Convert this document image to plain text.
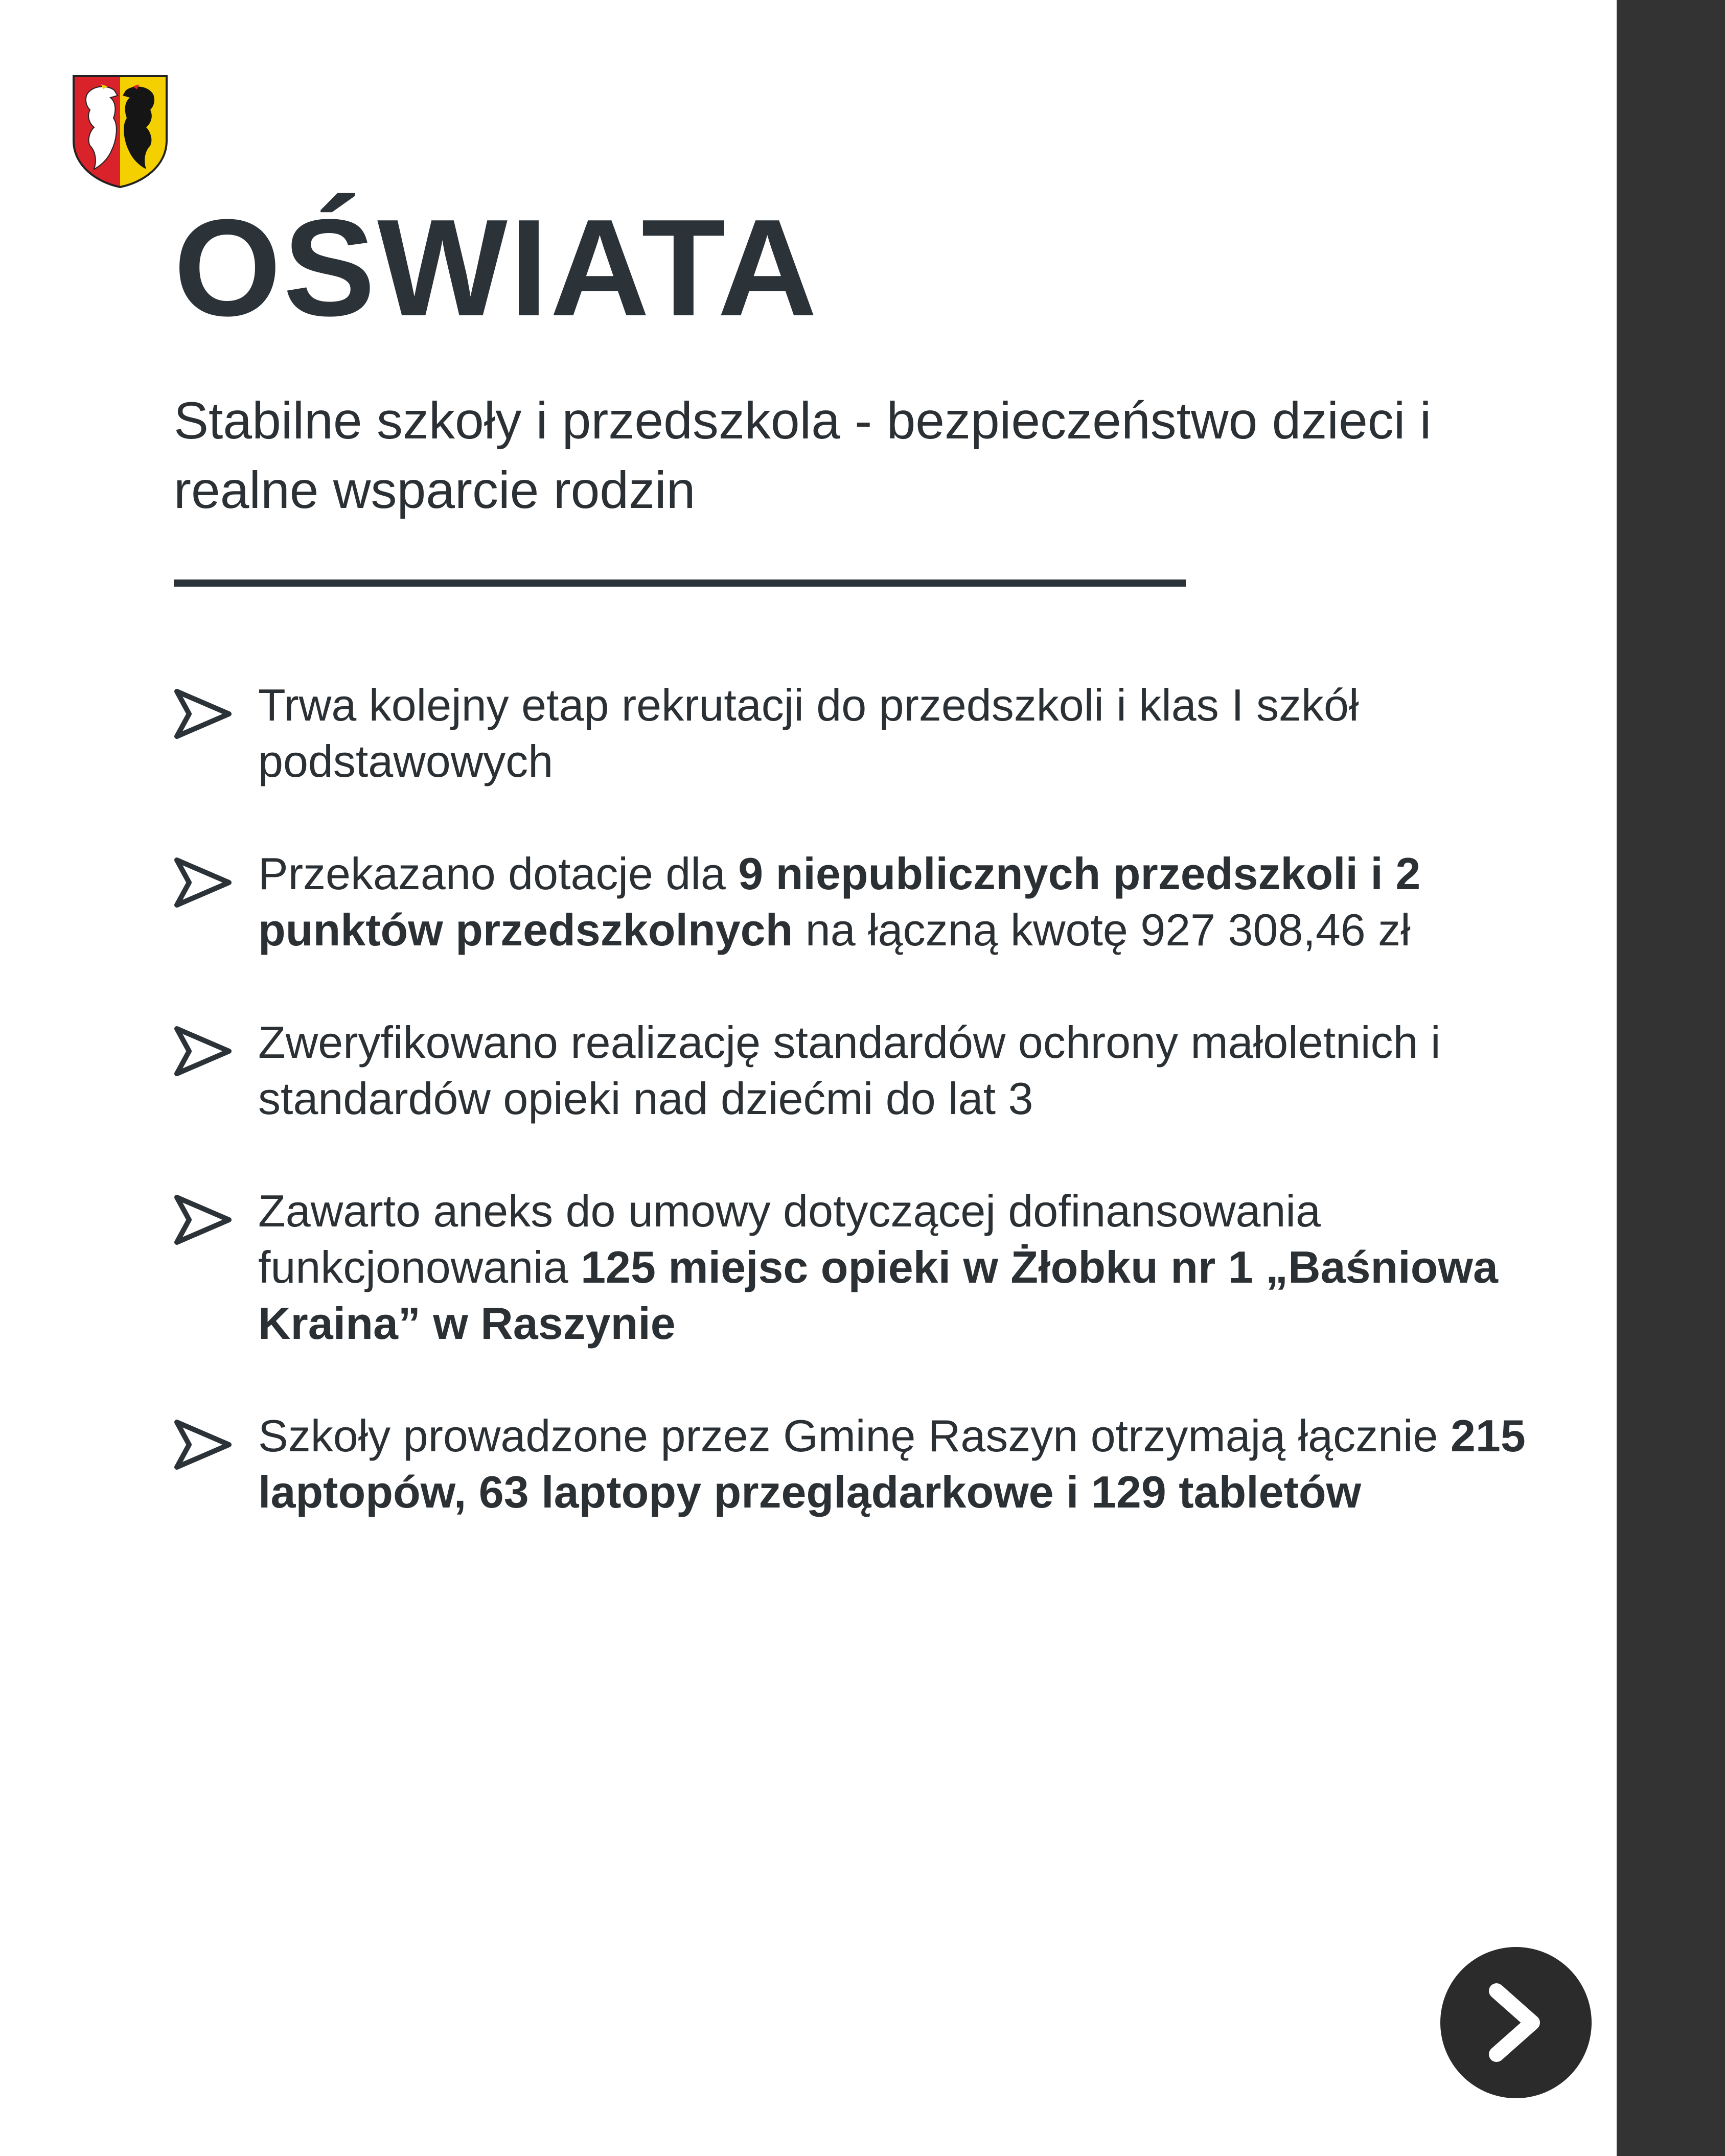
OŚWIATA

Stabilne szkoły i przedszkola - bezpieczeństwo dzieci i realne wsparcie rodzin

Trwa kolejny etap rekrutacji do przedszkoli i klas I szkół podstawowych
Przekazano dotacje dla 9 niepublicznych przedszkoli i 2 punktów przedszkolnych na łączną kwotę 927 308,46 zł
Zweryfikowano realizację standardów ochrony małoletnich i standardów opieki nad dziećmi do lat 3
Zawarto aneks do umowy dotyczącej dofinansowania funkcjonowania 125 miejsc opieki w Żłobku nr 1 „Baśniowa Kraina” w Raszynie
Szkoły prowadzone przez Gminę Raszyn otrzymają łącznie 215 laptopów, 63 laptopy przeglądarkowe i 129 tabletów
